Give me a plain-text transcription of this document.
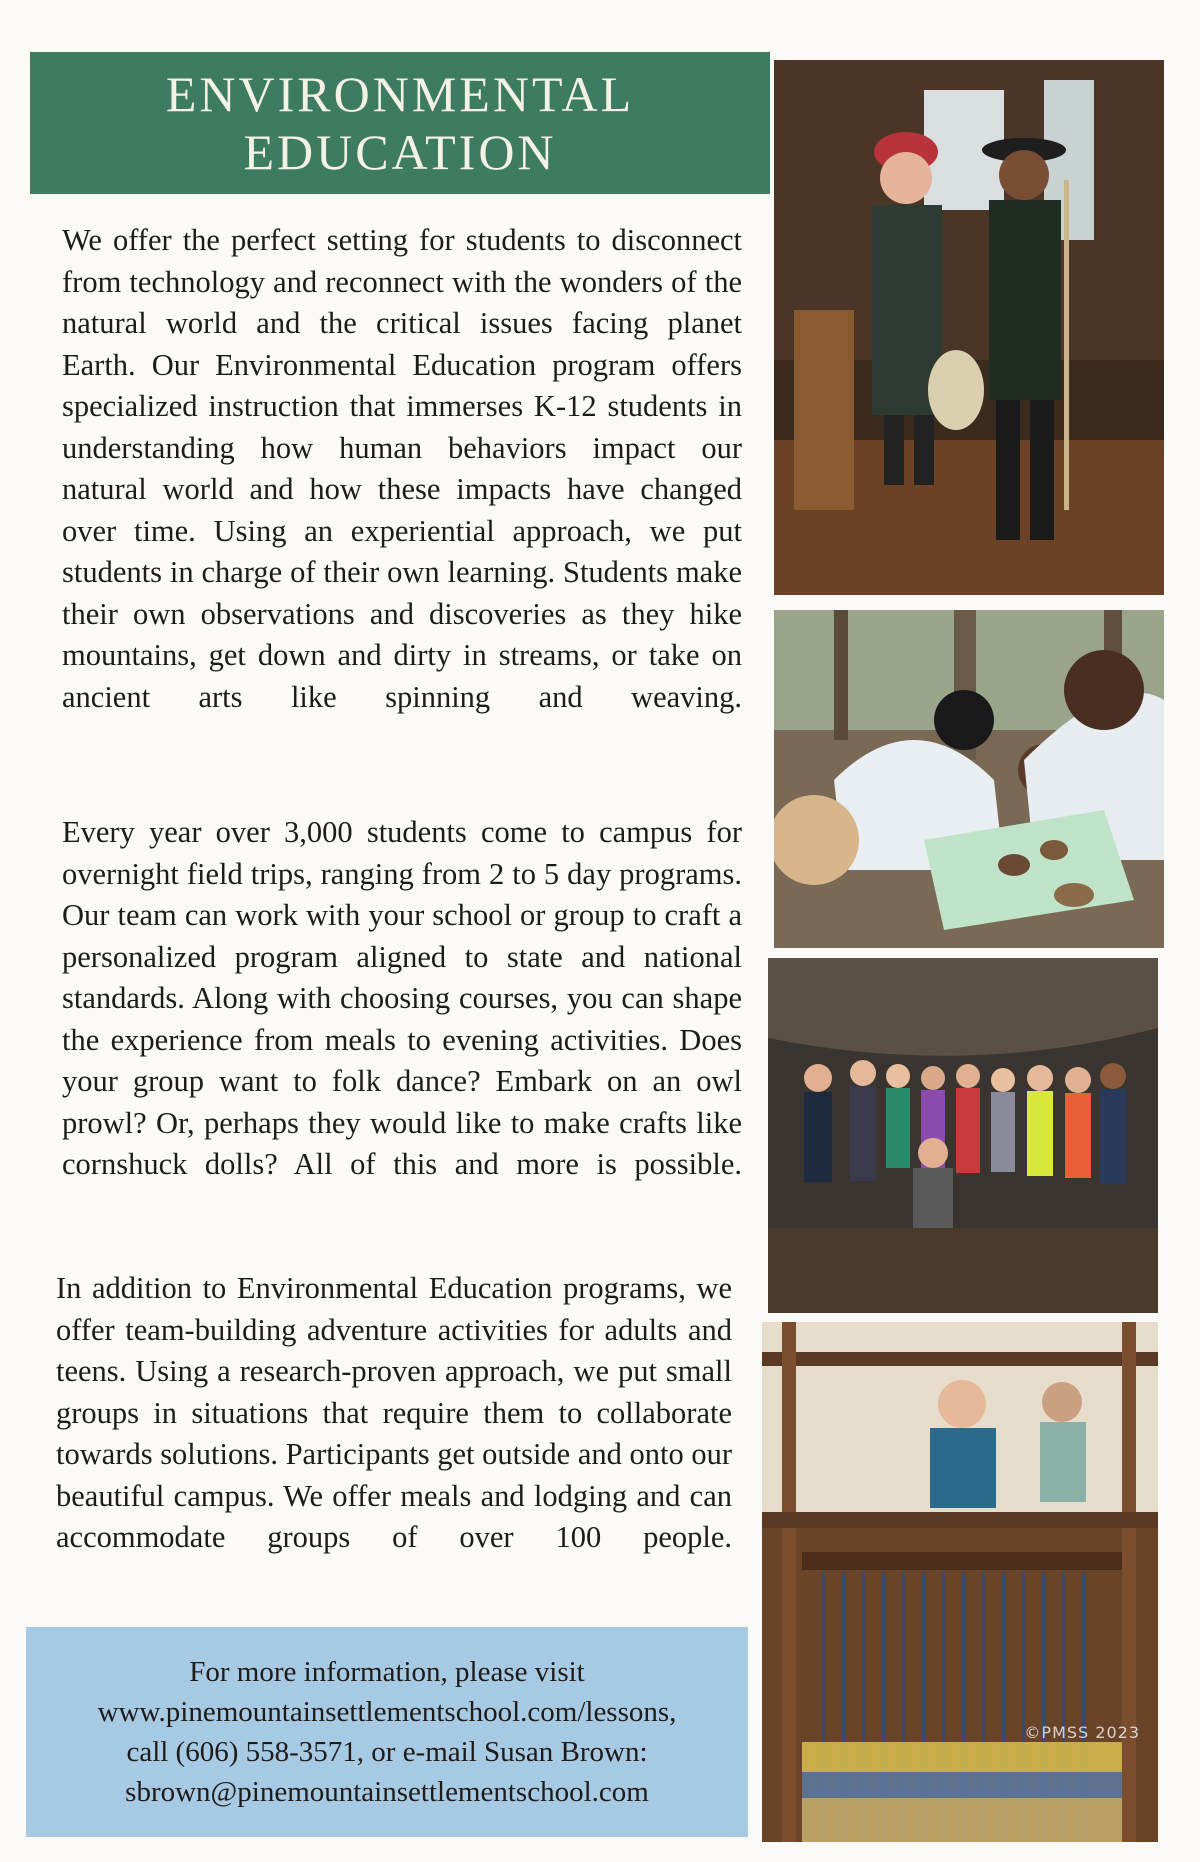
ENVIRONMENTAL
EDUCATION

We offer the perfect setting for students to disconnect from technology and reconnect with the wonders of the natural world and the critical issues facing planet Earth. Our Environmental Education program offers specialized instruction that immerses K-12 students in understanding how human behaviors impact our natural world and how these impacts have changed over time. Using an experiential approach, we put students in charge of their own learning. Students make their own observations and discoveries as they hike mountains, get down and dirty in streams, or take on ancient arts like spinning and weaving.

Every year over 3,000 students come to campus for overnight field trips, ranging from 2 to 5 day programs. Our team can work with your school or group to craft a personalized program aligned to state and national standards. Along with choosing courses, you can shape the experience from meals to evening activities. Does your group want to folk dance? Embark on an owl prowl? Or, perhaps they would like to make crafts like cornshuck dolls? All of this and more is possible.

In addition to Environmental Education programs, we offer team-building adventure activities for adults and teens. Using a research-proven approach, we put small groups in situations that require them to collaborate towards solutions. Participants get outside and onto our beautiful campus. We offer meals and lodging and can accommodate groups of over 100 people.

For more information, please visit
www.pinemountainsettlementschool.com/lessons,
call (606) 558-3571, or e-mail Susan Brown:
sbrown@pinemountainsettlementschool.com
©PMSS 2023
